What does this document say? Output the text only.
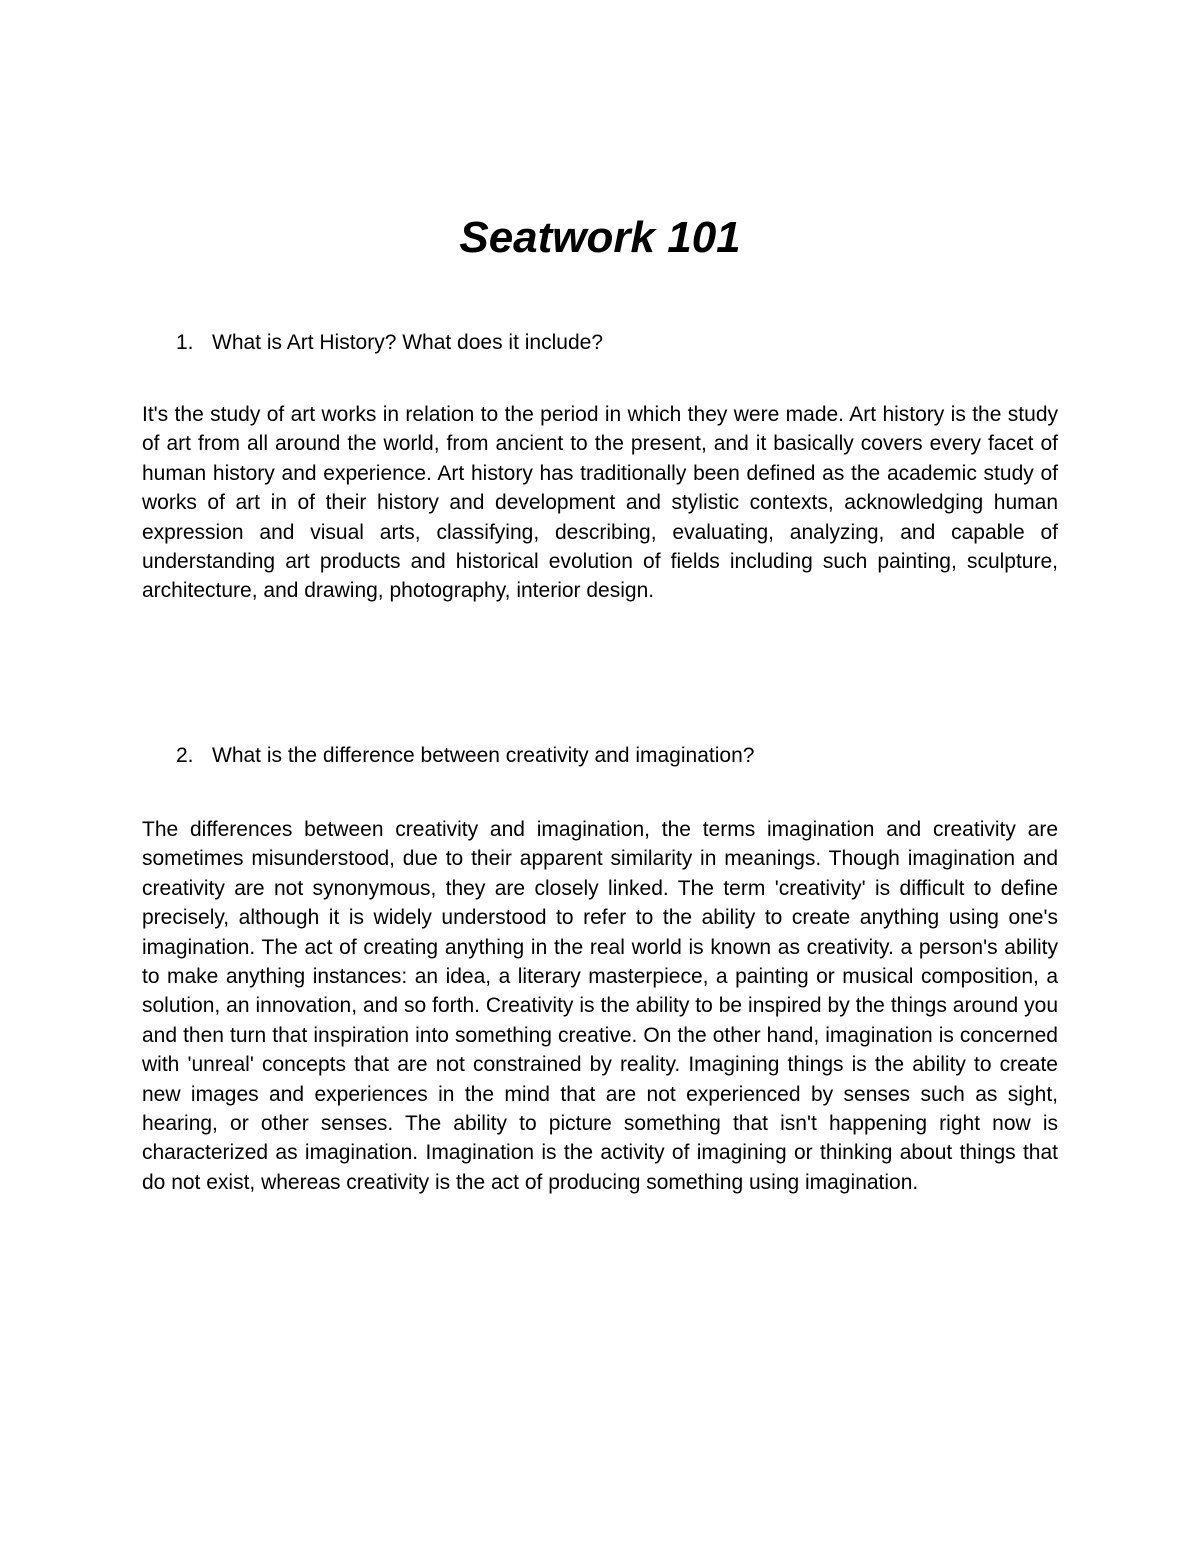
Seatwork 101

1. What is Art History? What does it include?

It's the study of art works in relation to the period in which they were made. Art history is the study of art from all around the world, from ancient to the present, and it basically covers every facet of human history and experience. Art history has traditionally been defined as the academic study of works of art in of their history and development and stylistic contexts, acknowledging human expression and visual arts, classifying, describing, evaluating, analyzing, and capable of understanding art products and historical evolution of fields including such painting, sculpture, architecture, and drawing, photography, interior design.

2. What is the difference between creativity and imagination?

The differences between creativity and imagination, the terms imagination and creativity are sometimes misunderstood, due to their apparent similarity in meanings. Though imagination and creativity are not synonymous, they are closely linked. The term 'creativity' is difficult to define precisely, although it is widely understood to refer to the ability to create anything using one's imagination. The act of creating anything in the real world is known as creativity. a person's ability to make anything instances: an idea, a literary masterpiece, a painting or musical composition, a solution, an innovation, and so forth. Creativity is the ability to be inspired by the things around you and then turn that inspiration into something creative. On the other hand, imagination is concerned with 'unreal' concepts that are not constrained by reality. Imagining things is the ability to create new images and experiences in the mind that are not experienced by senses such as sight, hearing, or other senses. The ability to picture something that isn't happening right now is characterized as imagination. Imagination is the activity of imagining or thinking about things that do not exist, whereas creativity is the act of producing something using imagination.
